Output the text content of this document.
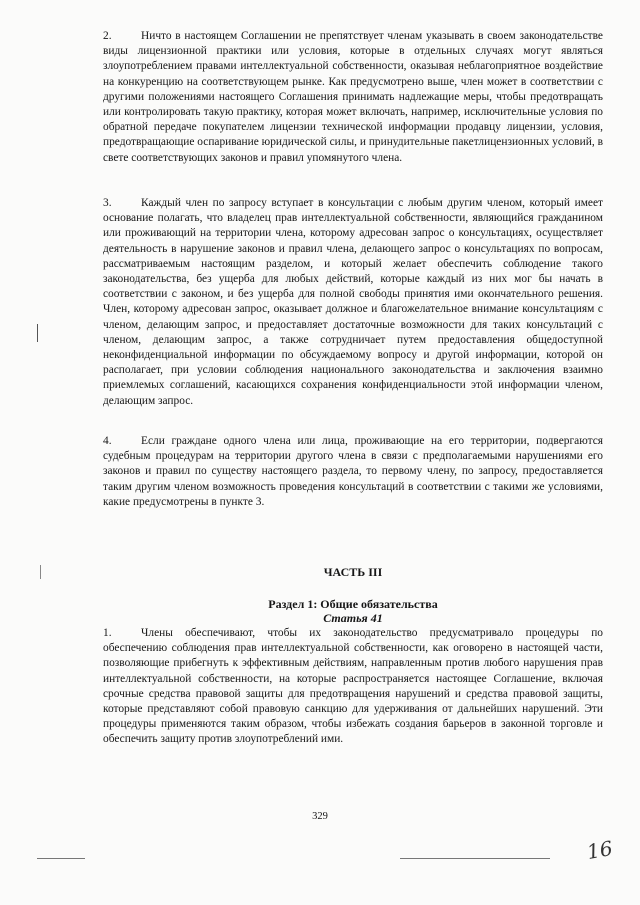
2.	Ничто в настоящем Соглашении не препятствует членам указывать в своем законодательстве виды лицензионной практики или условия, которые в отдельных случаях могут являться злоупотреблением правами интеллектуальной собственности, оказывая неблагоприятное воздействие на конкуренцию на соответствующем рынке. Как предусмотрено выше, член может в соответствии с другими положениями настоящего Соглашения принимать надлежащие меры, чтобы предотвращать или контролировать такую практику, которая может включать, например, исключительные условия по обратной передаче покупателем лицензии технической информации продавцу лицензии, условия, предотвращающие оспаривание юридической силы, и принудительные пакетлицензионных условий, в свете соответствующих законов и правил упомянутого члена.
3.	Каждый член по запросу вступает в консультации с любым другим членом, который имеет основание полагать, что владелец прав интеллектуальной собственности, являющийся гражданином или проживающий на территории члена, которому адресован запрос о консультациях, осуществляет деятельность в нарушение законов и правил члена, делающего запрос о консультациях по вопросам, рассматриваемым настоящим разделом, и который желает обеспечить соблюдение такого законодательства, без ущерба для любых действий, которые каждый из них мог бы начать в соответствии с законом, и без ущерба для полной свободы принятия ими окончательного решения. Член, которому адресован запрос, оказывает должное и благожелательное внимание консультациям с членом, делающим запрос, и предоставляет достаточные возможности для таких консультаций с членом, делающим запрос, а также сотрудничает путем предоставления общедоступной неконфиденциальной информации по обсуждаемому вопросу и другой информации, которой он располагает, при условии соблюдения национального законодательства и заключения взаимно приемлемых соглашений, касающихся сохранения конфиденциальности этой информации членом, делающим запрос.
4.	Если граждане одного члена или лица, проживающие на его территории, подвергаются судебным процедурам на территории другого члена в связи с предполагаемыми нарушениями его законов и правил по существу настоящего раздела, то первому члену, по запросу, предоставляется таким другим членом возможность проведения консультаций в соответствии с такими же условиями, какие предусмотрены в пункте 3.
ЧАСТЬ III
Раздел 1: Общие обязательства
Статья 41
1.	Члены обеспечивают, чтобы их законодательство предусматривало процедуры по обеспечению соблюдения прав интеллектуальной собственности, как оговорено в настоящей части, позволяющие прибегнуть к эффективным действиям, направленным против любого нарушения прав интеллектуальной собственности, на которые распространяется настоящее Соглашение, включая срочные средства правовой защиты для предотвращения нарушений и средства правовой защиты, которые представляют собой правовую санкцию для удерживания от дальнейших нарушений. Эти процедуры применяются таким образом, чтобы избежать создания барьеров в законной торговле и обеспечить защиту против злоупотреблений ими.
329
16
